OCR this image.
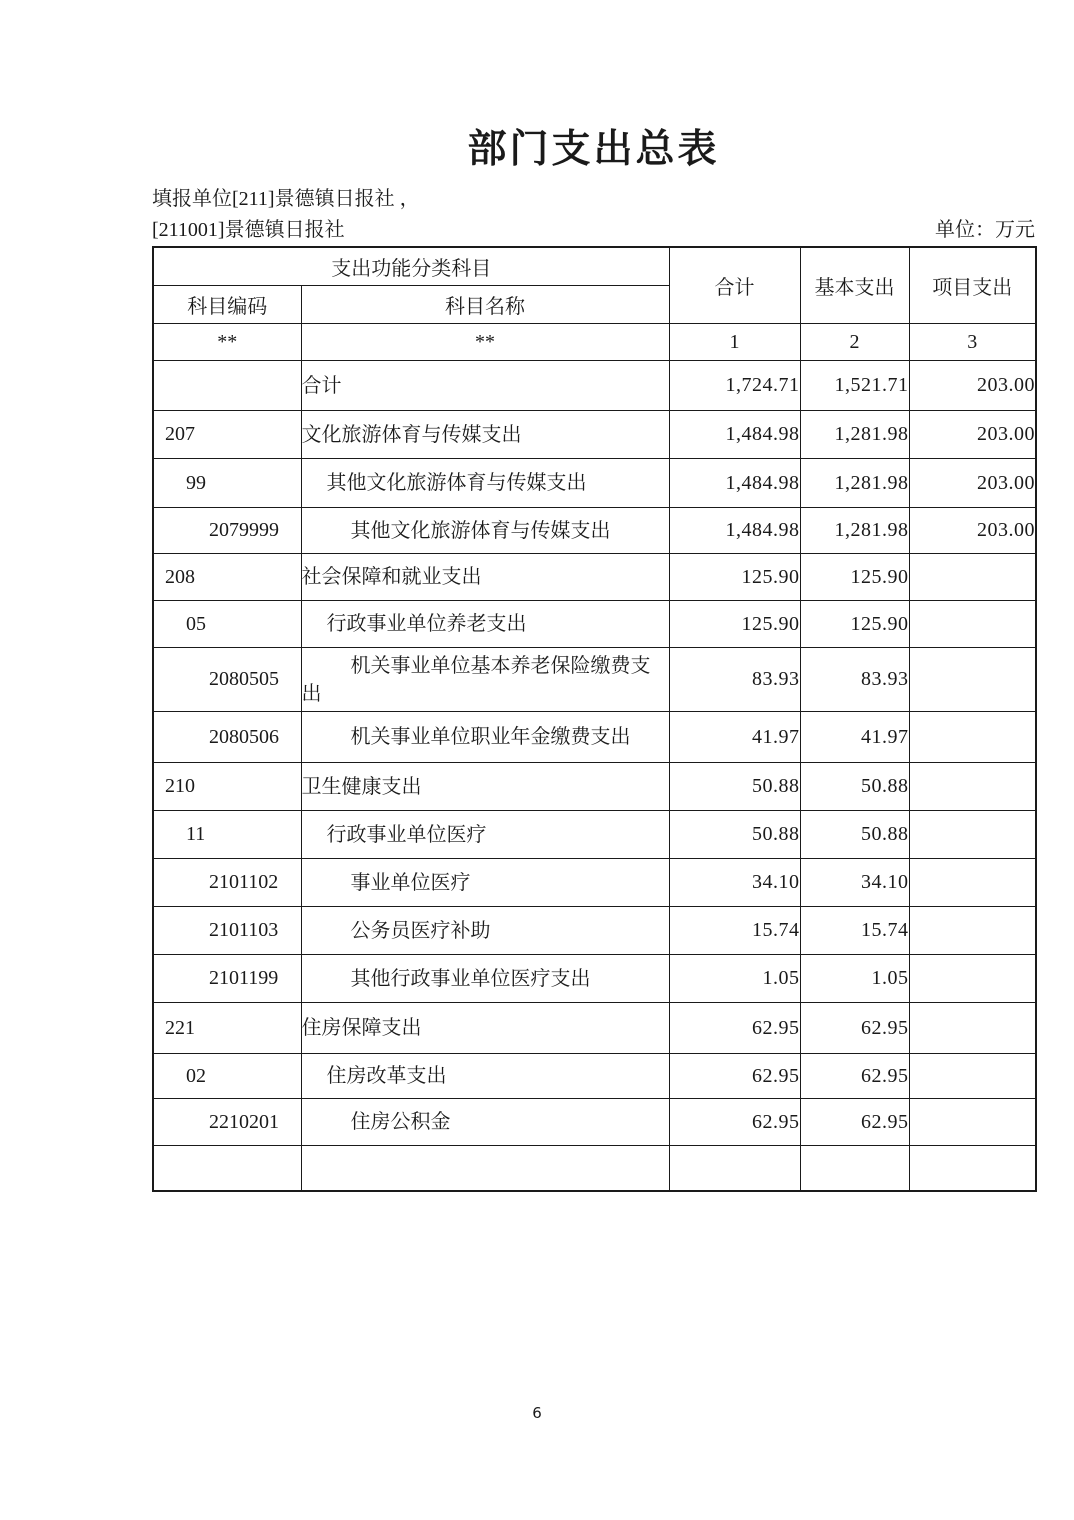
部门支出总表
填报单位[211]景德镇日报社 ，
[211001]景德镇日报社	单位：万元
支出功能分类科目		合计	基本支出	项目支出
科目编码	科目名称			
**	**	1	2	3
	合计	1,724.71	1,521.71	203.00
207	文化旅游体育与传媒支出	1,484.98	1,281.98	203.00
99	其他文化旅游体育与传媒支出	1,484.98	1,281.98	203.00
2079999	其他文化旅游体育与传媒支出	1,484.98	1,281.98	203.00
208	社会保障和就业支出	125.90	125.90	
05	行政事业单位养老支出	125.90	125.90	
2080505	机关事业单位基本养老保险缴费支出	83.93	83.93	
2080506	机关事业单位职业年金缴费支出	41.97	41.97	
210	卫生健康支出	50.88	50.88	
11	行政事业单位医疗	50.88	50.88	
2101102	事业单位医疗	34.10	34.10	
2101103	公务员医疗补助	15.74	15.74	
2101199	其他行政事业单位医疗支出	1.05	1.05	
221	住房保障支出	62.95	62.95	
02	住房改革支出	62.95	62.95	
2210201	住房公积金	62.95	62.95	

6
